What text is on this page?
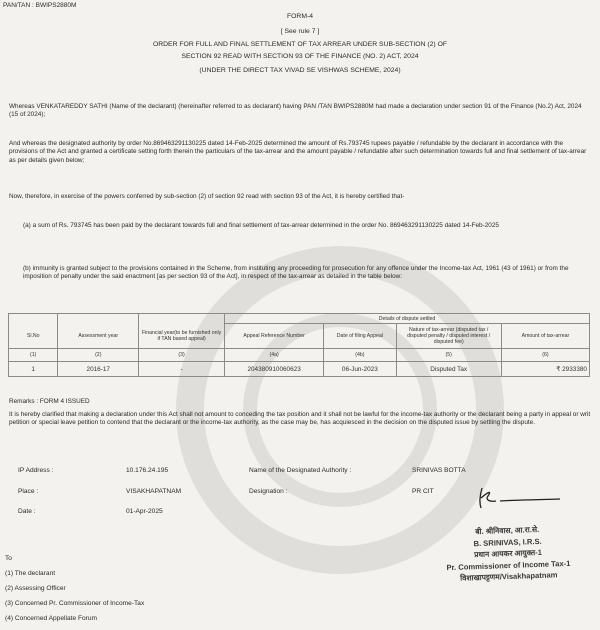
PAN/TAN : BWIPS2880M
FORM-4
[ See rule 7 ]
ORDER FOR FULL AND FINAL SETTLEMENT OF TAX ARREAR UNDER SUB-SECTION (2) OF
SECTION 92 READ WITH SECTION 93 OF THE FINANCE (NO. 2) ACT, 2024
(UNDER THE DIRECT TAX VIVAD SE VISHWAS SCHEME, 2024)
Whereas VENKATAREDDY SATHI (Name of the declarant) (hereinafter referred to as declarant) having PAN /TAN BWIPS2880M had made a declaration under section 91 of the Finance (No.2) Act, 2024 (15 of 2024);
And whereas the designated authority by order No.869463291130225 dated 14-Feb-2025 determined the amount of Rs.793745 rupees payable / refundable by the declarant in accordance with the provisions of the Act and granted a certificate setting forth therein the particulars of the tax-arrear and the amount payable / refundable after such determination towards full and final settlement of tax-arrear as per details given below;
Now, therefore, in exercise of the powers conferred by sub-section (2) of section 92 read with section 93 of the Act, it is hereby certified that-
(a) a sum of Rs. 793745 has been paid by the declarant towards full and final settlement of tax-arrear determined in the order No. 869463291130225 dated 14-Feb-2025
(b) immunity is granted subject to the provisions contained in the Scheme, from instituting any proceeding for prosecution for any offence under the Income-tax Act, 1961 (43 of 1961) or from the imposition of penalty under the said enactment [as per section 93 of the Act], in respect of the tax-arrear as detailed in the table below:
			Details of dispute settled			
Sl.No	Assessment year	Financial year(to be furnished only if TAN based appeal)	Appeal Reference Number	Date of filing Appeal	Nature of tax-arrear (disputed tax / disputed penalty / disputed interest / disputed fee)	Amount of tax-arrear
(1)	(2)	(3)	(4a)	(4b)	(5)	(6)
1	2016-17	-	204380910060623	06-Jun-2023	Disputed Tax	₹ 2933380
Remarks : FORM 4 ISSUED
It is hereby clarified that making a declaration under this Act shall not amount to conceding the tax position and it shall not be lawful for the income-tax authority or the declarant being a party in appeal or writ petition or special leave petition to contend that the declarant or the income-tax authority, as the case may be, has acquiesced in the decision on the disputed issue by settling the dispute.
IP Address :	10.176.24.195
Place :	VISAKHAPATNAM
Date :	01-Apr-2025
Name of the Designated Authority :	SRINIVAS BOTTA
Designation :	PR CIT
बी. श्रीनिवास, आ.रा.से.
B. SRINIVAS, I.R.S.
प्रधान आयकर आयुक्त-1
Pr. Commissioner of Income Tax-1
विशाखापट्टणम/Visakhapatnam
To
(1) The declarant
(2) Assessing Officer
(3) Concerned Pr. Commissioner of Income-Tax
(4) Concerned Appellate Forum
